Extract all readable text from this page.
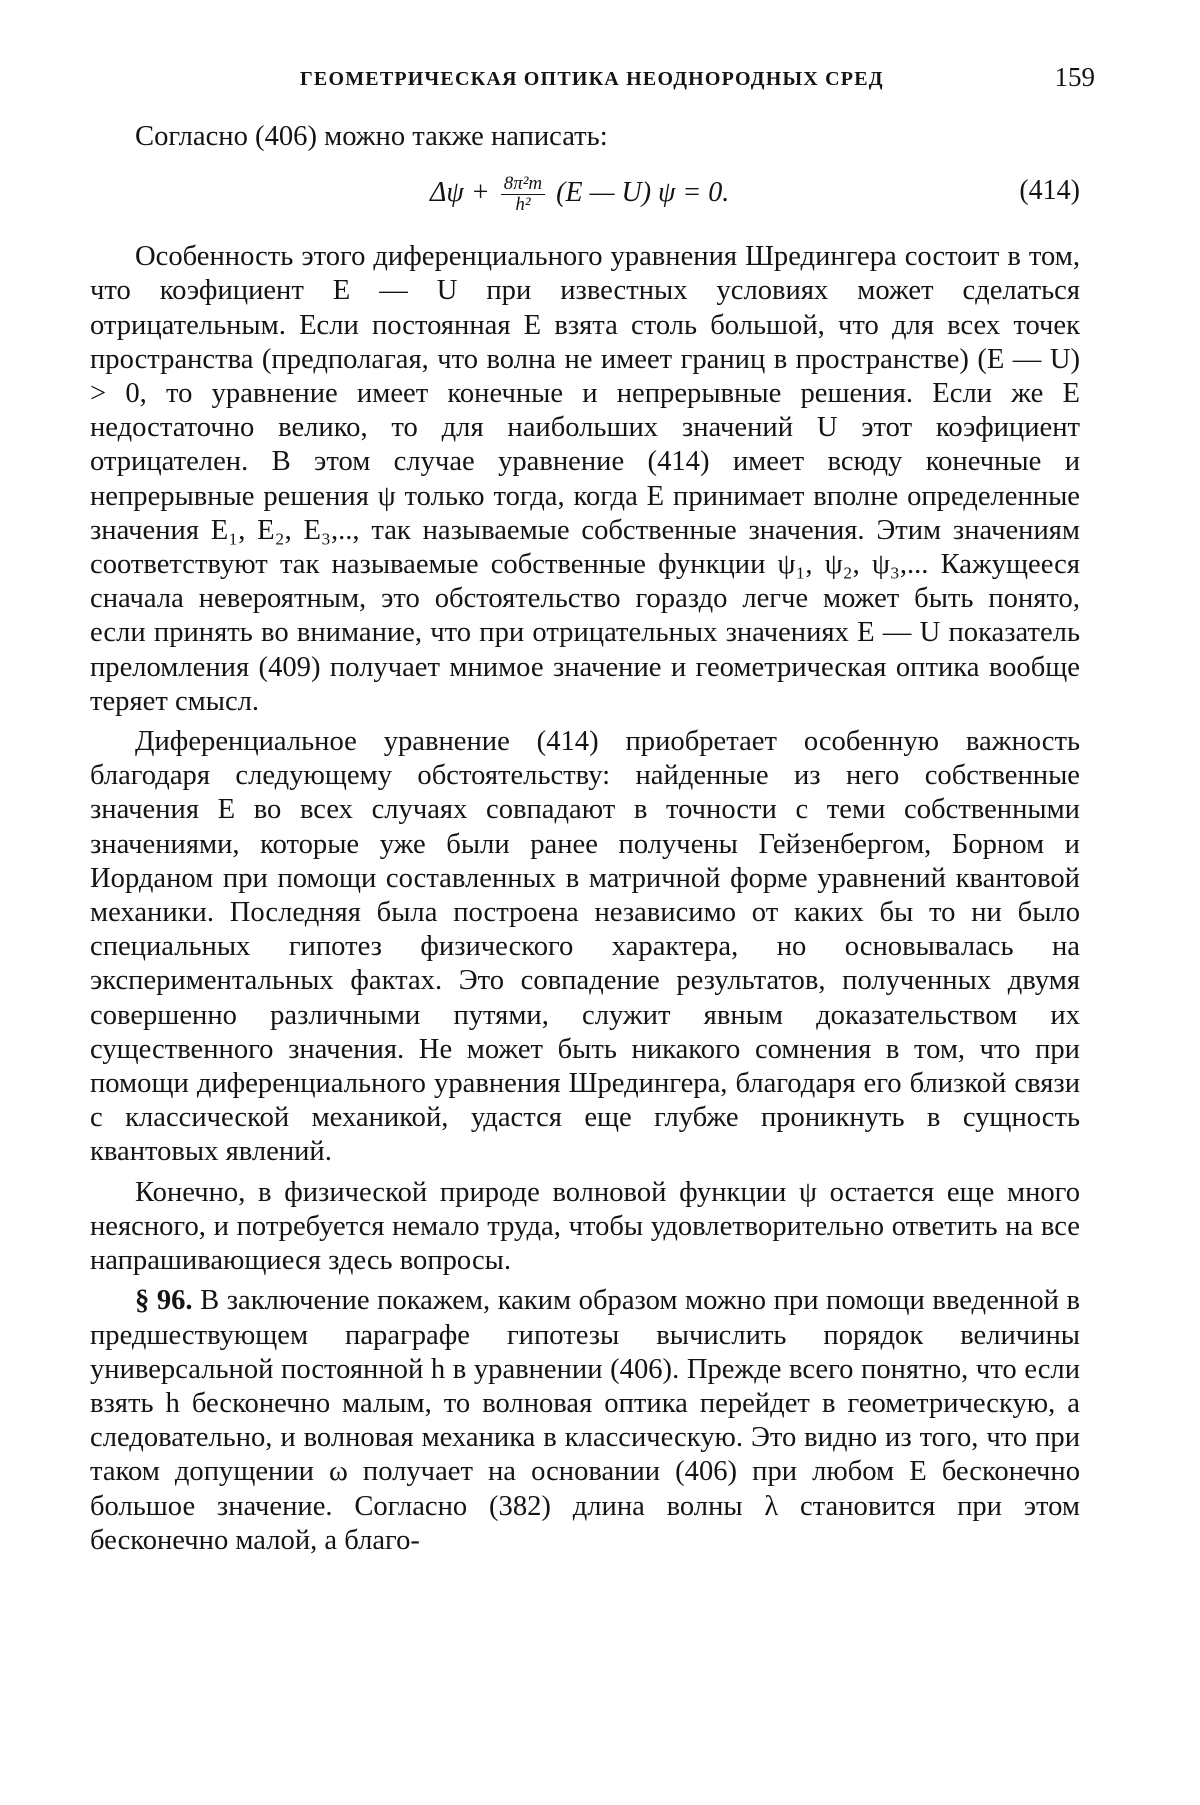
ГЕОМЕТРИЧЕСКАЯ ОПТИКА НЕОДНОРОДНЫХ СРЕД	159

Согласно (406) можно также написать:

$\Delta\psi + \frac{\text{8π²m}}{\text{h²}} (E$ — U) ψ = 0.	(414)

Особенность этого диференциального уравнения Шредингера состоит в том, что коэфициент E — U при известных условиях может сделаться отрицательным. Если постоянная E взята столь большой, что для всех точек пространства (предполагая, что волна не имеет границ в пространстве) (E — U) > 0, то уравнение имеет конечные и непрерывные решения. Если же E недостаточно велико, то для наибольших значений U этот коэфициент отрицателен. В этом случае уравнение (414) имеет всюду конечные и непрерывные решения ψ только тогда, когда E принимает вполне определенные значения E₁, E₂, E₃,.., так называемые собственные значения. Этим значениям соответствуют так называемые собственные функции ψ₁, ψ₂, ψ₃,... Кажущееся сначала невероятным, это обстоятельство гораздо легче может быть понято, если принять во внимание, что при отрицательных значениях E — U показатель преломления (409) получает мнимое значение и геометрическая оптика вообще теряет смысл.

Диференциальное уравнение (414) приобретает особенную важность благодаря следующему обстоятельству: найденные из него собственные значения E во всех случаях совпадают в точности с теми собственными значениями, которые уже были ранее получены Гейзенбергом, Борном и Иорданом при помощи составленных в матричной форме уравнений квантовой механики. Последняя была построена независимо от каких бы то ни было специальных гипотез физического характера, но основывалась на экспериментальных фактах. Это совпадение результатов, полученных двумя совершенно различными путями, служит явным доказательством их существенного значения. Не может быть никакого сомнения в том, что при помощи диференциального уравнения Шредингера, благодаря его близкой связи с классической механикой, удастся еще глубже проникнуть в сущность квантовых явлений.

Конечно, в физической природе волновой функции ψ остается еще много неясного, и потребуется немало труда, чтобы удовлетворительно ответить на все напрашивающиеся здесь вопросы.

§ 96. В заключение покажем, каким образом можно при помощи введенной в предшествующем параграфе гипотезы вычислить порядок величины универсальной постоянной h в уравнении (406). Прежде всего понятно, что если взять h бесконечно малым, то волновая оптика перейдет в геометрическую, а следовательно, и волновая механика в классическую. Это видно из того, что при таком допущении ω получает на основании (406) при любом E бесконечно большое значение. Согласно (382) длина волны λ становится при этом бесконечно малой, а благо-
